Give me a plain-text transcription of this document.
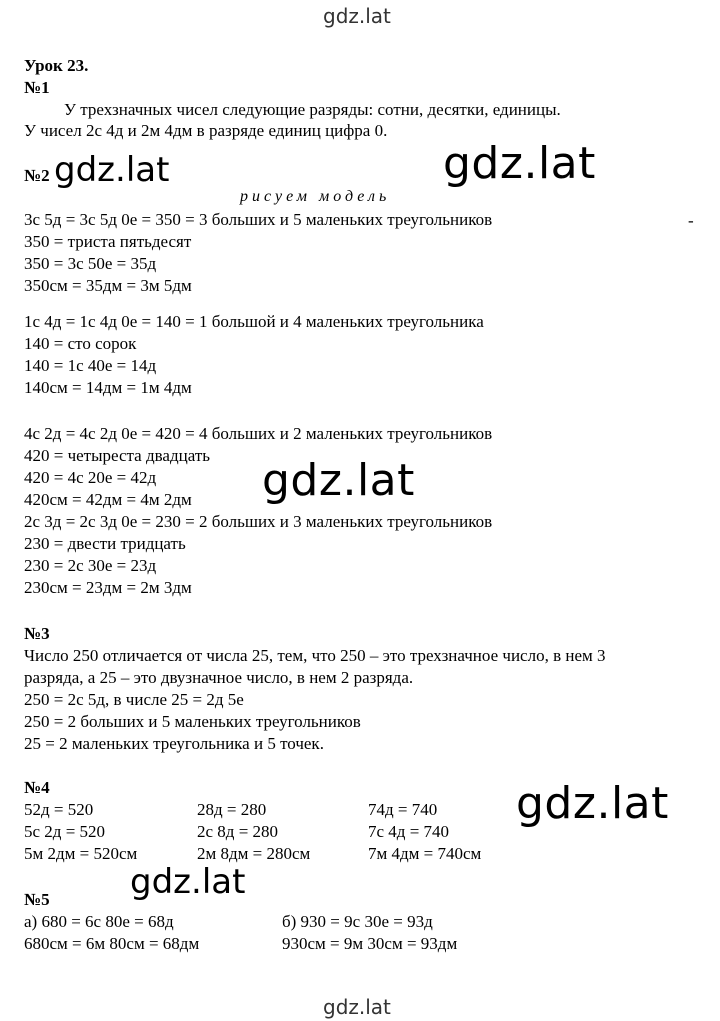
gdz.lat
gdz.lat
gdz.lat
gdz.lat
gdz.lat
gdz.lat
gdz.lat
Урок 23.
№1
У трехзначных чисел следующие разряды: сотни, десятки, единицы.
У чисел 2с 4д и 2м 4дм в разряде единиц цифра 0.
№2
рисуем модель
-
3с 5д = 3с 5д 0е = 350 = 3 больших и 5 маленьких треугольников
350 = триста пятьдесят
350 = 3с 50е = 35д
350см = 35дм = 3м 5дм
1с 4д = 1с 4д 0е = 140 = 1 большой и 4 маленьких треугольника
140 = сто сорок
140 = 1с 40е = 14д
140см = 14дм = 1м 4дм
4с 2д = 4с 2д 0е = 420 = 4 больших и 2 маленьких треугольников
420 = четыреста двадцать
420 = 4с 20е = 42д
420см = 42дм = 4м 2дм
2с 3д = 2с 3д 0е = 230 = 2 больших и 3 маленьких треугольников
230 = двести тридцать
230 = 2с 30е = 23д
230см = 23дм = 2м 3дм
№3
Число 250 отличается от числа 25, тем, что 250 – это трехзначное число, в нем 3
разряда, а 25 – это двузначное число, в нем 2 разряда.
250 = 2с 5д, в числе 25 = 2д 5е
250 = 2 больших и 5 маленьких треугольников
25 = 2 маленьких треугольника и 5 точек.
№4
52д = 520	28д = 280	74д = 740
5с 2д = 520	2с 8д = 280	7с 4д = 740
5м 2дм = 520см	2м 8дм = 280см	7м 4дм = 740см
№5
а) 680 = 6с 80е = 68д	б) 930 = 9с 30е = 93д
680см = 6м 80см = 68дм	930см = 9м 30см = 93дм
